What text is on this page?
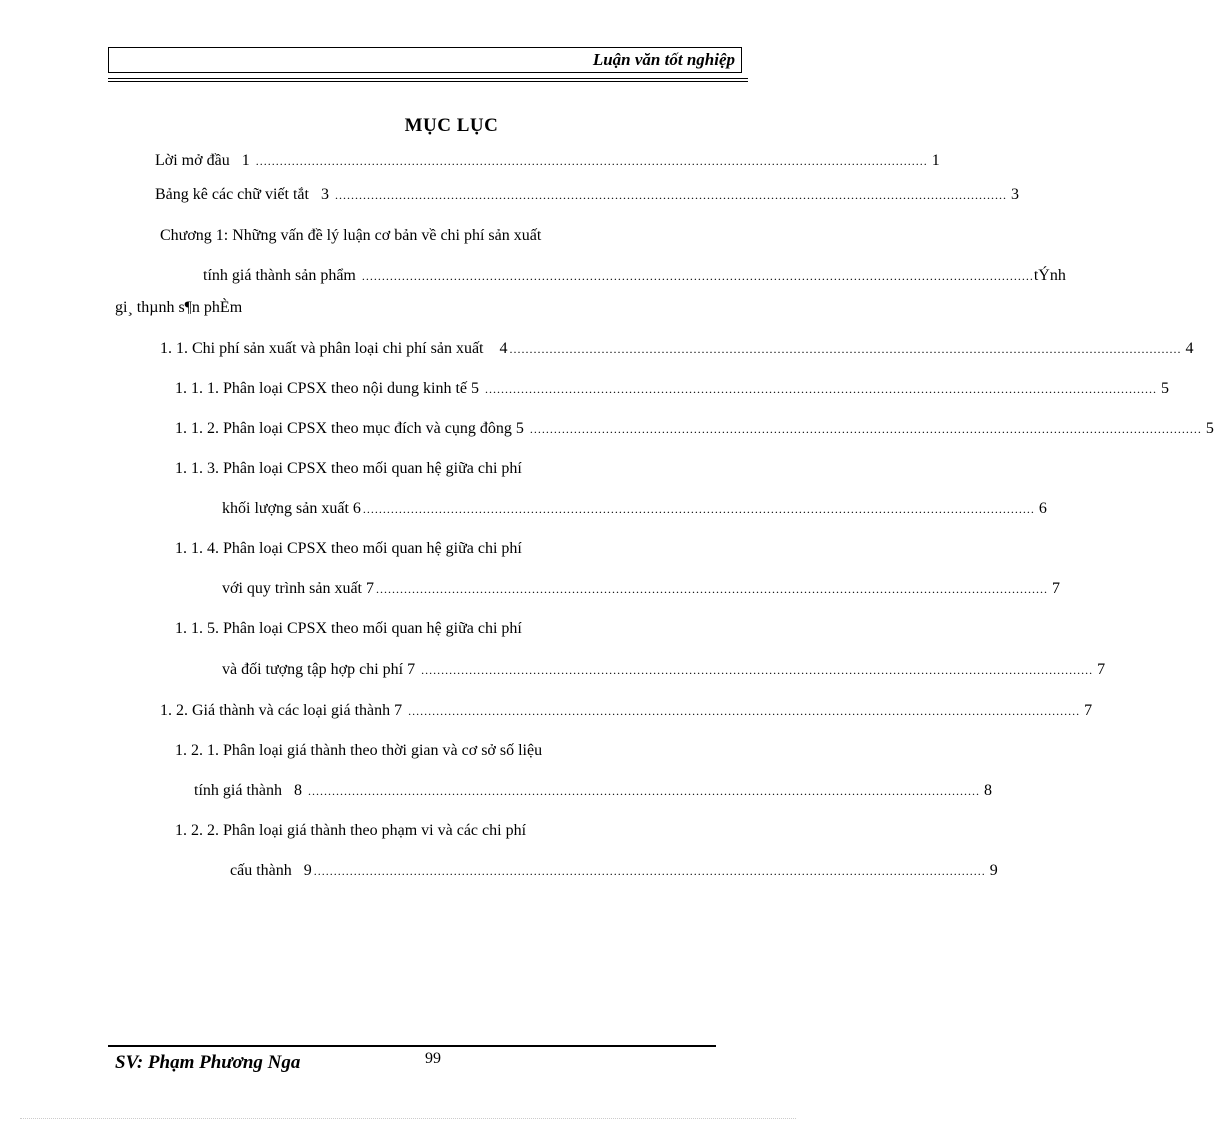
Luận văn tốt nghiệp
MỤC LỤC
Lời mở đầu   1 ........................................................................................................................................................................ 1
Bảng kê các chữ viết tắt   3 ........................................................................................................................................................................ 3
Chương 1: Những vấn đề lý luận cơ bản về chi phí sản xuất
tính giá thành sản phẩm ........................................................................................................................................................................ tÝnh
gi¸ thµnh s¶n phÈm
1. 1. Chi phí sản xuất và phân loại chi phí sản xuất    4 ........................................................................................................................................................................ 4
1. 1. 1. Phân loại CPSX theo nội dung kinh tế 5 ........................................................................................................................................................................ 5
1. 1. 2. Phân loại CPSX theo mục đích và cụng đông 5 ........................................................................................................................................................................ 5
1. 1. 3. Phân loại CPSX theo mối quan hệ giữa chi phí
khối lượng sản xuất 6 ........................................................................................................................................................................ 6
1. 1. 4. Phân loại CPSX theo mối quan hệ giữa chi phí
với quy trình sản xuất 7 ........................................................................................................................................................................ 7
1. 1. 5. Phân loại CPSX theo mối quan hệ giữa chi phí
và đối tượng tập hợp chi phí 7 ........................................................................................................................................................................ 7
1. 2. Giá thành và các loại giá thành 7 ........................................................................................................................................................................ 7
1. 2. 1. Phân loại giá thành theo thời gian và cơ sở số liệu
tính giá thành   8 ........................................................................................................................................................................ 8
1. 2. 2. Phân loại giá thành theo phạm vi và các chi phí
cấu thành   9 ........................................................................................................................................................................ 9
SV: Phạm Phương Nga	99
